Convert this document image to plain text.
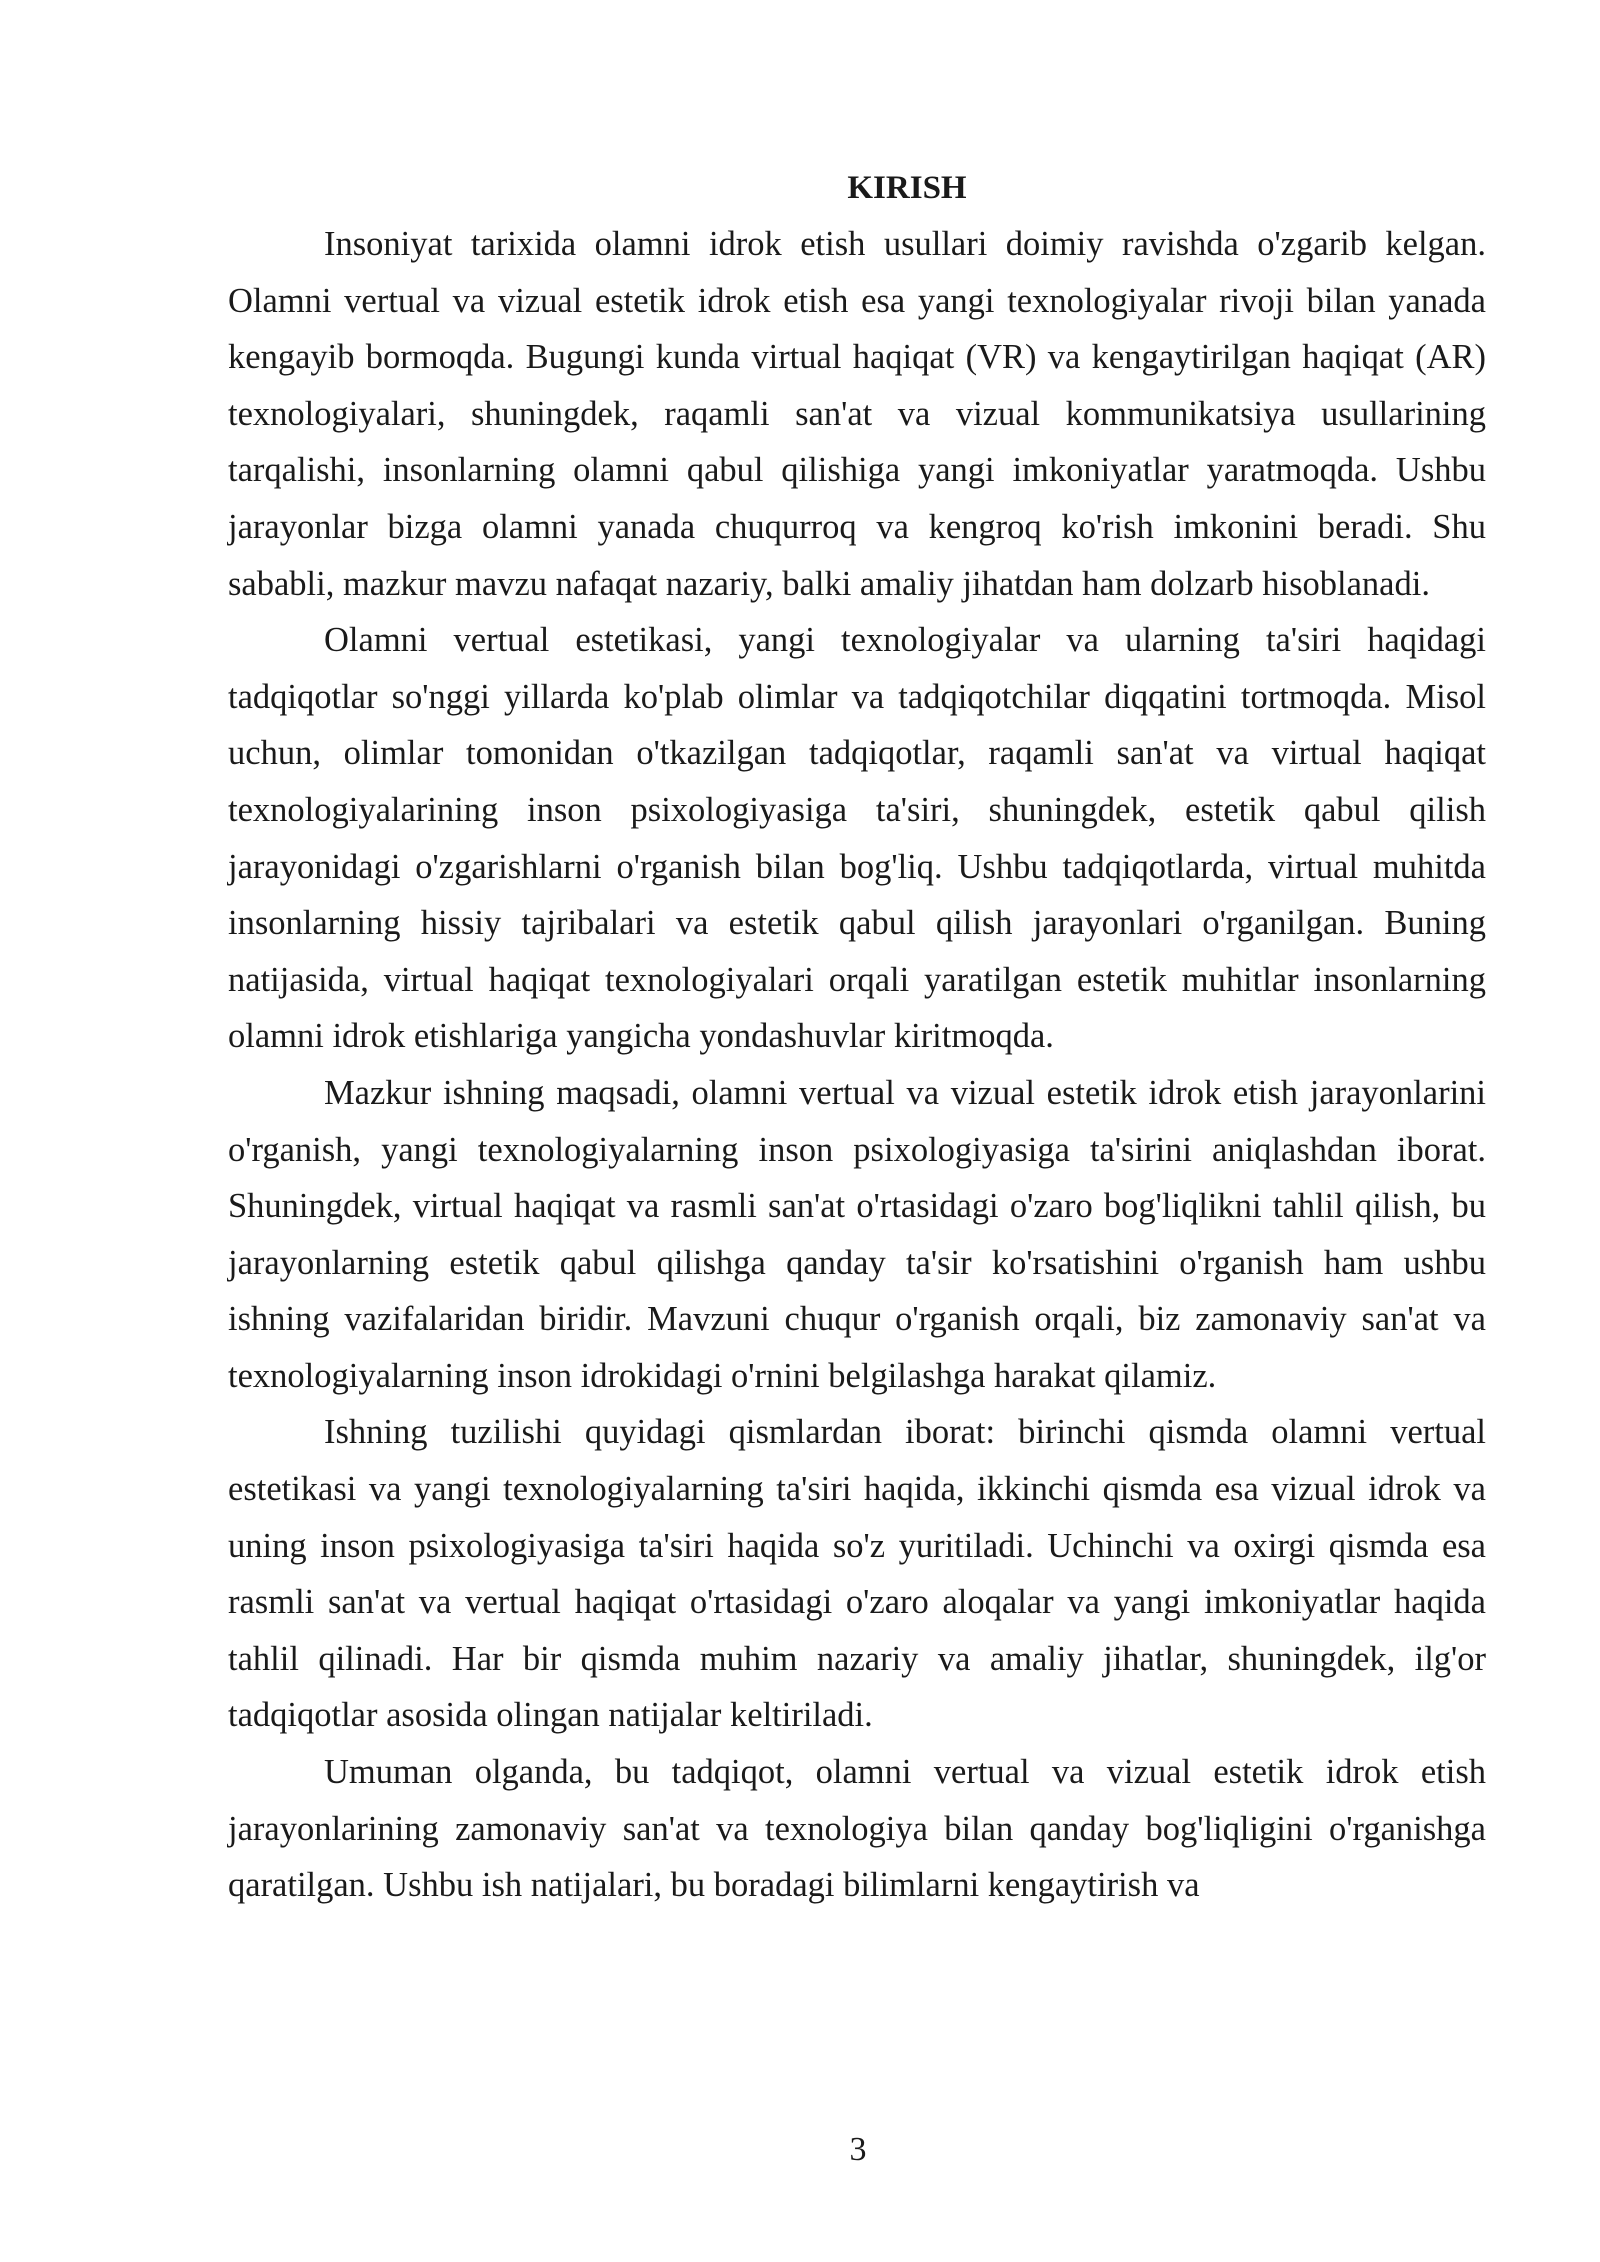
KIRISH

Insoniyat tarixida olamni idrok etish usullari doimiy ravishda o'zgarib kelgan. Olamni vertual va vizual estetik idrok etish esa yangi texnologiyalar rivoji bilan yanada kengayib bormoqda. Bugungi kunda virtual haqiqat (VR) va kengaytirilgan haqiqat (AR) texnologiyalari, shuningdek, raqamli san'at va vizual kommunikatsiya usullarining tarqalishi, insonlarning olamni qabul qilishiga yangi imkoniyatlar yaratmoqda. Ushbu jarayonlar bizga olamni yanada chuqurroq va kengroq ko'rish imkonini beradi. Shu sababli, mazkur mavzu nafaqat nazariy, balki amaliy jihatdan ham dolzarb hisoblanadi.

Olamni vertual estetikasi, yangi texnologiyalar va ularning ta'siri haqidagi tadqiqotlar so'nggi yillarda ko'plab olimlar va tadqiqotchilar diqqatini tortmoqda. Misol uchun, olimlar tomonidan o'tkazilgan tadqiqotlar, raqamli san'at va virtual haqiqat texnologiyalarining inson psixologiyasiga ta'siri, shuningdek, estetik qabul qilish jarayonidagi o'zgarishlarni o'rganish bilan bog'liq. Ushbu tadqiqotlarda, virtual muhitda insonlarning hissiy tajribalari va estetik qabul qilish jarayonlari o'rganilgan. Buning natijasida, virtual haqiqat texnologiyalari orqali yaratilgan estetik muhitlar insonlarning olamni idrok etishlariga yangicha yondashuvlar kiritmoqda.

Mazkur ishning maqsadi, olamni vertual va vizual estetik idrok etish jarayonlarini o'rganish, yangi texnologiyalarning inson psixologiyasiga ta'sirini aniqlashdan iborat. Shuningdek, virtual haqiqat va rasmli san'at o'rtasidagi o'zaro bog'liqlikni tahlil qilish, bu jarayonlarning estetik qabul qilishga qanday ta'sir ko'rsatishini o'rganish ham ushbu ishning vazifalaridan biridir. Mavzuni chuqur o'rganish orqali, biz zamonaviy san'at va texnologiyalarning inson idrokidagi o'rnini belgilashga harakat qilamiz.

Ishning tuzilishi quyidagi qismlardan iborat: birinchi qismda olamni vertual estetikasi va yangi texnologiyalarning ta'siri haqida, ikkinchi qismda esa vizual idrok va uning inson psixologiyasiga ta'siri haqida so'z yuritiladi. Uchinchi va oxirgi qismda esa rasmli san'at va vertual haqiqat o'rtasidagi o'zaro aloqalar va yangi imkoniyatlar haqida tahlil qilinadi. Har bir qismda muhim nazariy va amaliy jihatlar, shuningdek, ilg'or tadqiqotlar asosida olingan natijalar keltiriladi.

Umuman olganda, bu tadqiqot, olamni vertual va vizual estetik idrok etish jarayonlarining zamonaviy san'at va texnologiya bilan qanday bog'liqligini o'rganishga qaratilgan. Ushbu ish natijalari, bu boradagi bilimlarni kengaytirish va

3
